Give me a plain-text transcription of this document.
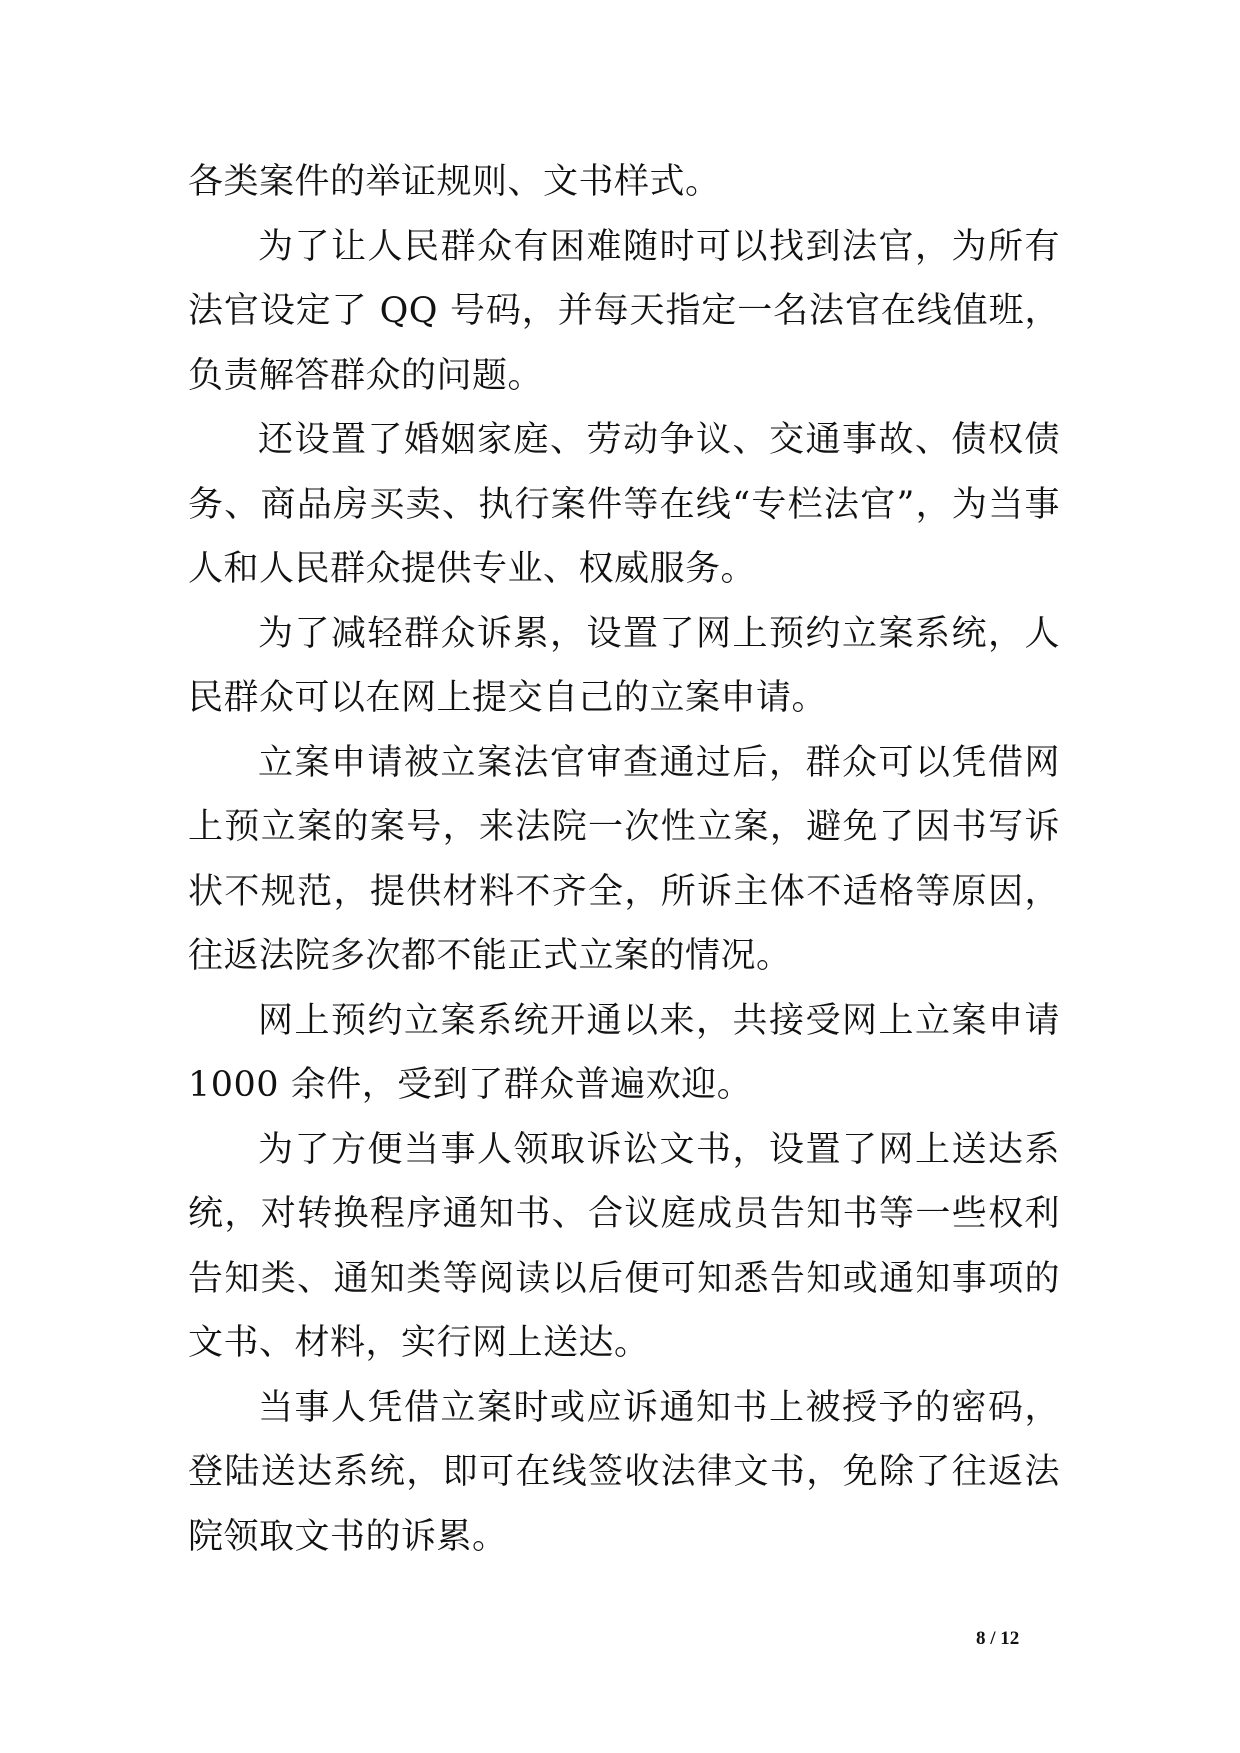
各类案件的举证规则、文书样式。

为了让人民群众有困难随时可以找到法官，为所有法官设定了 QQ 号码，并每天指定一名法官在线值班，负责解答群众的问题。

还设置了婚姻家庭、劳动争议、交通事故、债权债务、商品房买卖、执行案件等在线“专栏法官”，为当事人和人民群众提供专业、权威服务。

为了减轻群众诉累，设置了网上预约立案系统，人民群众可以在网上提交自己的立案申请。

立案申请被立案法官审查通过后，群众可以凭借网上预立案的案号，来法院一次性立案，避免了因书写诉状不规范，提供材料不齐全，所诉主体不适格等原因，往返法院多次都不能正式立案的情况。

网上预约立案系统开通以来，共接受网上立案申请 1000 余件，受到了群众普遍欢迎。

为了方便当事人领取诉讼文书，设置了网上送达系统，对转换程序通知书、合议庭成员告知书等一些权利告知类、通知类等阅读以后便可知悉告知或通知事项的文书、材料，实行网上送达。

当事人凭借立案时或应诉通知书上被授予的密码，登陆送达系统，即可在线签收法律文书，免除了往返法院领取文书的诉累。

8 / 12
